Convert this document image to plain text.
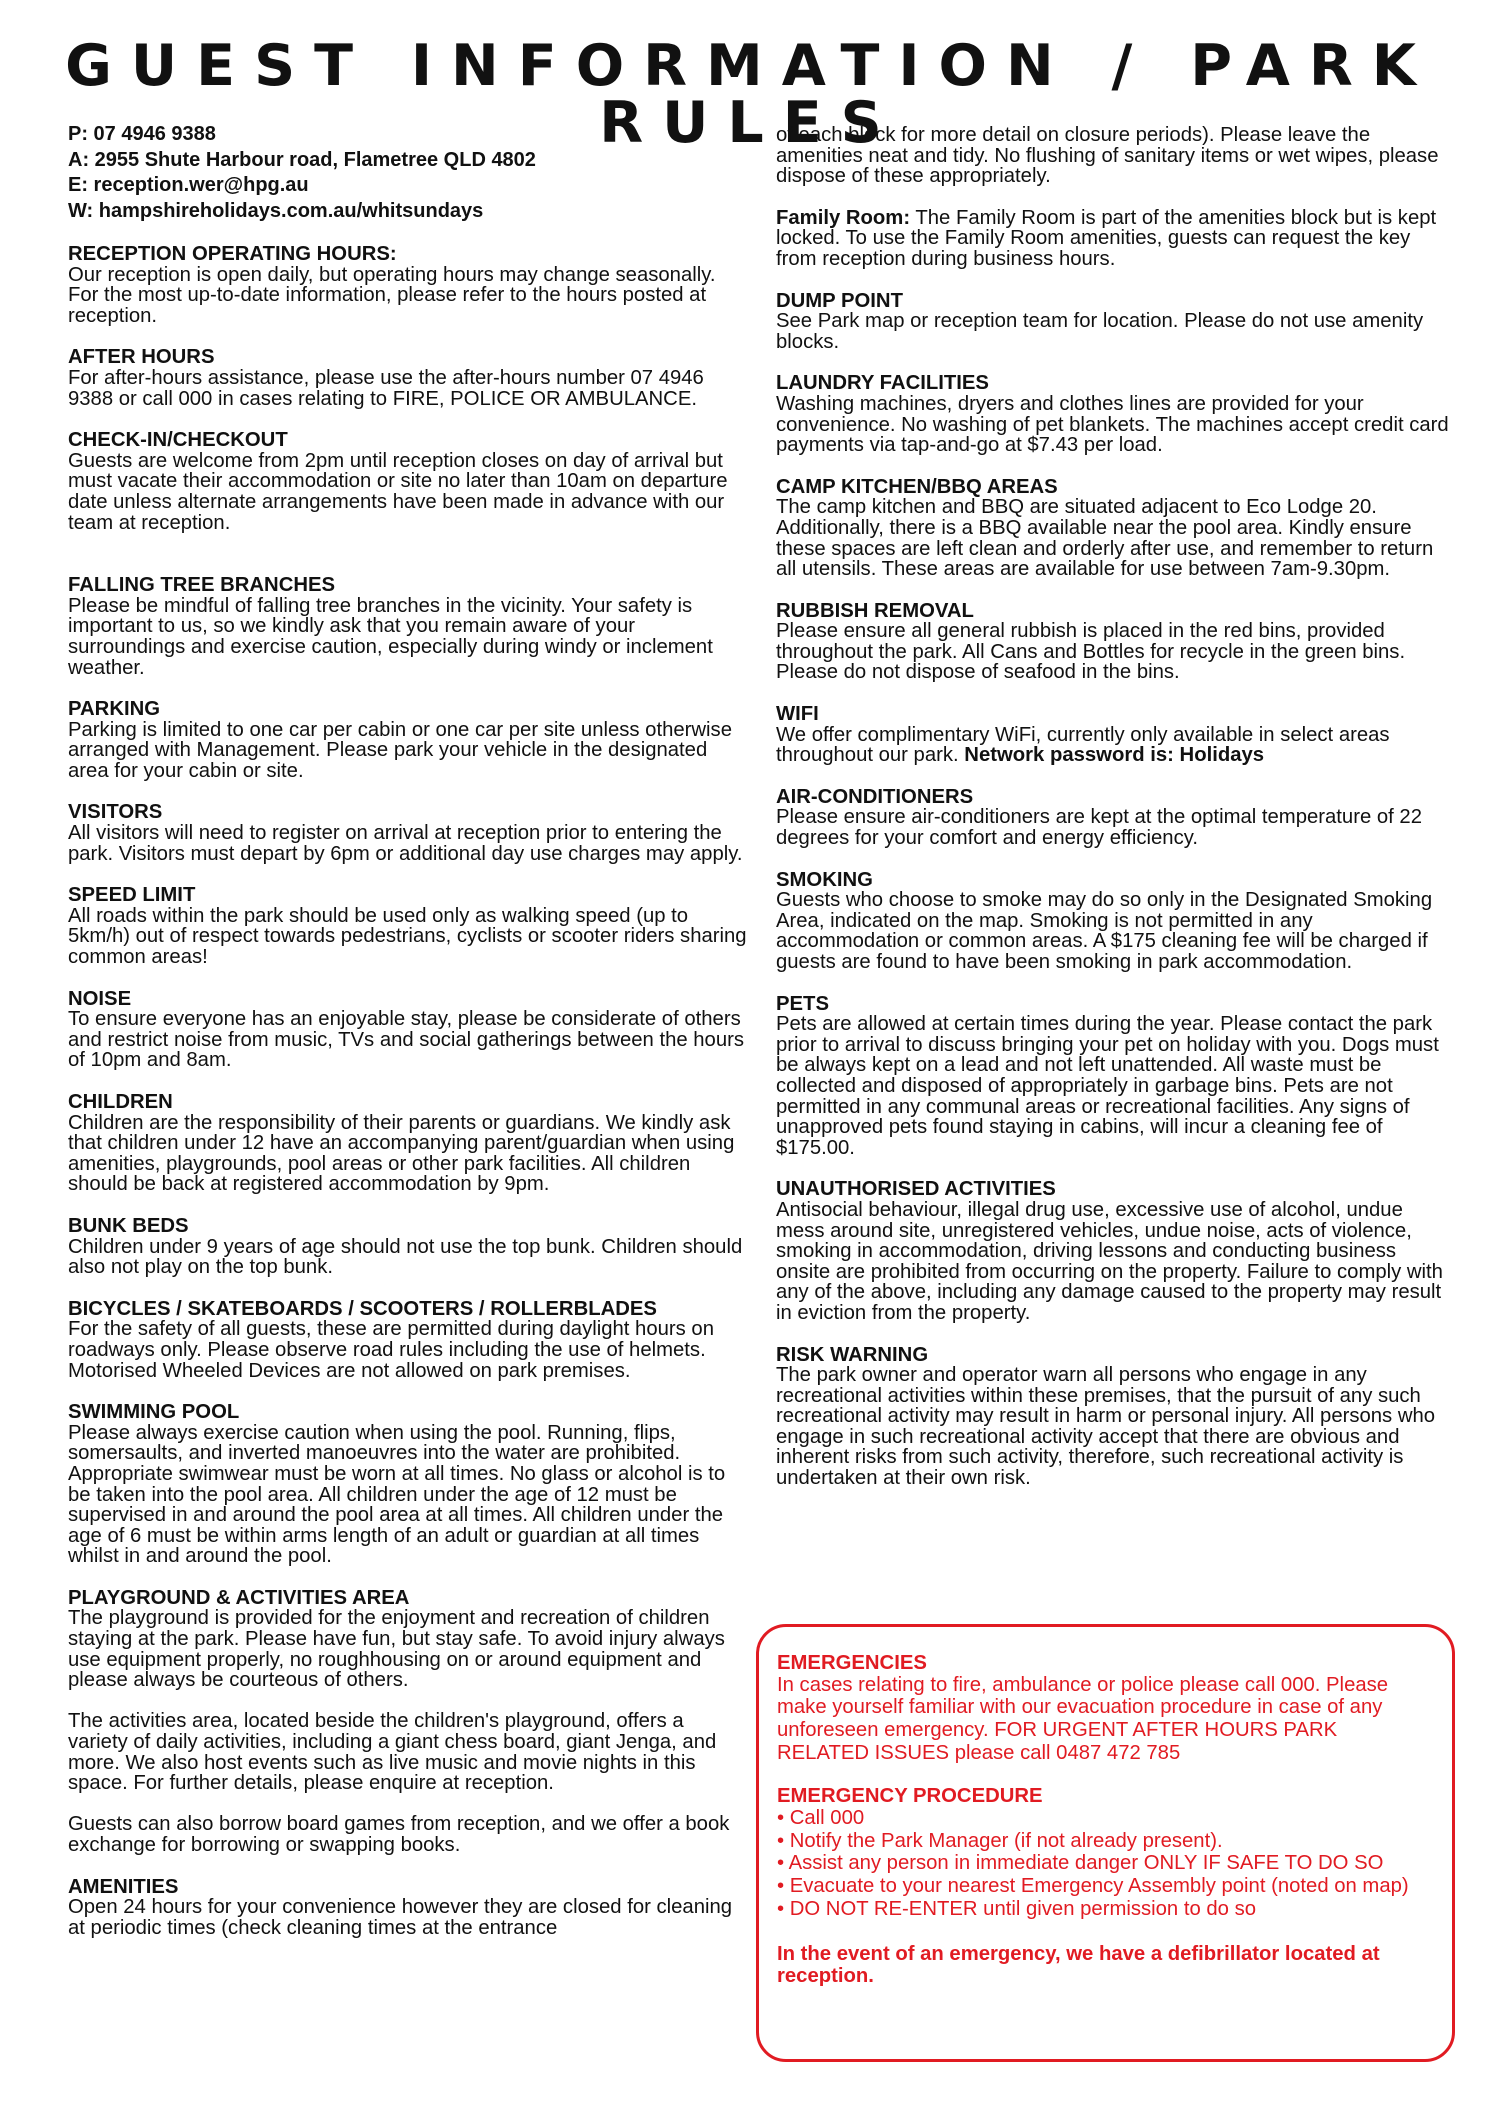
GUEST INFORMATION / PARK RULES

P: 07 4946 9388

A: 2955 Shute Harbour road, Flametree QLD 4802

E: reception.wer@hpg.au

W: hampshireholidays.com.au/whitsundays

RECEPTION OPERATING HOURS:

Our reception is open daily, but operating hours may change seasonally. For the most up-to-date information, please refer to the hours posted at reception.

AFTER HOURS

For after-hours assistance, please use the after-hours number 07 4946 9388 or call 000 in cases relating to FIRE, POLICE OR AMBULANCE.

CHECK-IN/CHECKOUT

Guests are welcome from 2pm until reception closes on day of arrival but must vacate their accommodation or site no later than 10am on departure date unless alternate arrangements have been made in advance with our team at reception.

FALLING TREE BRANCHES

Please be mindful of falling tree branches in the vicinity. Your safety is important to us, so we kindly ask that you remain aware of your surroundings and exercise caution, especially during windy or inclement weather.

PARKING

Parking is limited to one car per cabin or one car per site unless otherwise arranged with Management. Please park your vehicle in the designated area for your cabin or site.

VISITORS

All visitors will need to register on arrival at reception prior to entering the park. Visitors must depart by 6pm or additional day use charges may apply.

SPEED LIMIT

All roads within the park should be used only as walking speed (up to 5km/h) out of respect towards pedestrians, cyclists or scooter riders sharing common areas!

NOISE

To ensure everyone has an enjoyable stay, please be considerate of others and restrict noise from music, TVs and social gatherings between the hours of 10pm and 8am.

CHILDREN

Children are the responsibility of their parents or guardians. We kindly ask that children under 12 have an accompanying parent/guardian when using amenities, playgrounds, pool areas or other park facilities. All children should be back at registered accommodation by 9pm.

BUNK BEDS

Children under 9 years of age should not use the top bunk. Children should also not play on the top bunk.

BICYCLES / SKATEBOARDS / SCOOTERS / ROLLERBLADES

For the safety of all guests, these are permitted during daylight hours on roadways only. Please observe road rules including the use of helmets. Motorised Wheeled Devices are not allowed on park premises.

SWIMMING POOL

Please always exercise caution when using the pool. Running, flips, somersaults, and inverted manoeuvres into the water are prohibited. Appropriate swimwear must be worn at all times. No glass or alcohol is to be taken into the pool area. All children under the age of 12 must be supervised in and around the pool area at all times. All children under the age of 6 must be within arms length of an adult or guardian at all times whilst in and around the pool.

PLAYGROUND & ACTIVITIES AREA

The playground is provided for the enjoyment and recreation of children staying at the park. Please have fun, but stay safe. To avoid injury always use equipment properly, no roughhousing on or around equipment and please always be courteous of others.

The activities area, located beside the children's playground, offers a variety of daily activities, including a giant chess board, giant Jenga, and more. We also host events such as live music and movie nights in this space. For further details, please enquire at reception.

Guests can also borrow board games from reception, and we offer a book exchange for borrowing or swapping books.

AMENITIES

Open 24 hours for your convenience however they are closed for cleaning at periodic times (check cleaning times at the entrance

of each block for more detail on closure periods). Please leave the amenities neat and tidy. No flushing of sanitary items or wet wipes, please dispose of these appropriately.

Family Room: The Family Room is part of the amenities block but is kept locked. To use the Family Room amenities, guests can request the key from reception during business hours.

DUMP POINT

See Park map or reception team for location. Please do not use amenity blocks.

LAUNDRY FACILITIES

Washing machines, dryers and clothes lines are provided for your convenience. No washing of pet blankets. The machines accept credit card payments via tap-and-go at $7.43 per load.

CAMP KITCHEN/BBQ AREAS

The camp kitchen and BBQ are situated adjacent to Eco Lodge 20. Additionally, there is a BBQ available near the pool area. Kindly ensure these spaces are left clean and orderly after use, and remember to return all utensils. These areas are available for use between 7am-9.30pm.

RUBBISH REMOVAL

Please ensure all general rubbish is placed in the red bins, provided throughout the park. All Cans and Bottles for recycle in the green bins. Please do not dispose of seafood in the bins.

WIFI

We offer complimentary WiFi, currently only available in select areas throughout our park. Network password is: Holidays

AIR-CONDITIONERS

Please ensure air-conditioners are kept at the optimal temperature of 22 degrees for your comfort and energy efficiency.

SMOKING

Guests who choose to smoke may do so only in the Designated Smoking Area, indicated on the map. Smoking is not permitted in any accommodation or common areas. A $175 cleaning fee will be charged if guests are found to have been smoking in park accommodation.

PETS

Pets are allowed at certain times during the year. Please contact the park prior to arrival to discuss bringing your pet on holiday with you. Dogs must be always kept on a lead and not left unattended. All waste must be collected and disposed of appropriately in garbage bins. Pets are not permitted in any communal areas or recreational facilities. Any signs of unapproved pets found staying in cabins, will incur a cleaning fee of $175.00.

UNAUTHORISED ACTIVITIES

Antisocial behaviour, illegal drug use, excessive use of alcohol, undue mess around site, unregistered vehicles, undue noise, acts of violence, smoking in accommodation, driving lessons and conducting business onsite are prohibited from occurring on the property. Failure to comply with any of the above, including any damage caused to the property may result in eviction from the property.

RISK WARNING

The park owner and operator warn all persons who engage in any recreational activities within these premises, that the pursuit of any such recreational activity may result in harm or personal injury. All persons who engage in such recreational activity accept that there are obvious and inherent risks from such activity, therefore, such recreational activity is undertaken at their own risk.

EMERGENCIES

In cases relating to fire, ambulance or police please call 000. Please make yourself familiar with our evacuation procedure in case of any unforeseen emergency. FOR URGENT AFTER HOURS PARK RELATED ISSUES please call 0487 472 785

EMERGENCY PROCEDURE
• Call 000
• Notify the Park Manager (if not already present).
• Assist any person in immediate danger ONLY IF SAFE TO DO SO
• Evacuate to your nearest Emergency Assembly point (noted on map)
• DO NOT RE-ENTER until given permission to do so

In the event of an emergency, we have a defibrillator located at reception.
